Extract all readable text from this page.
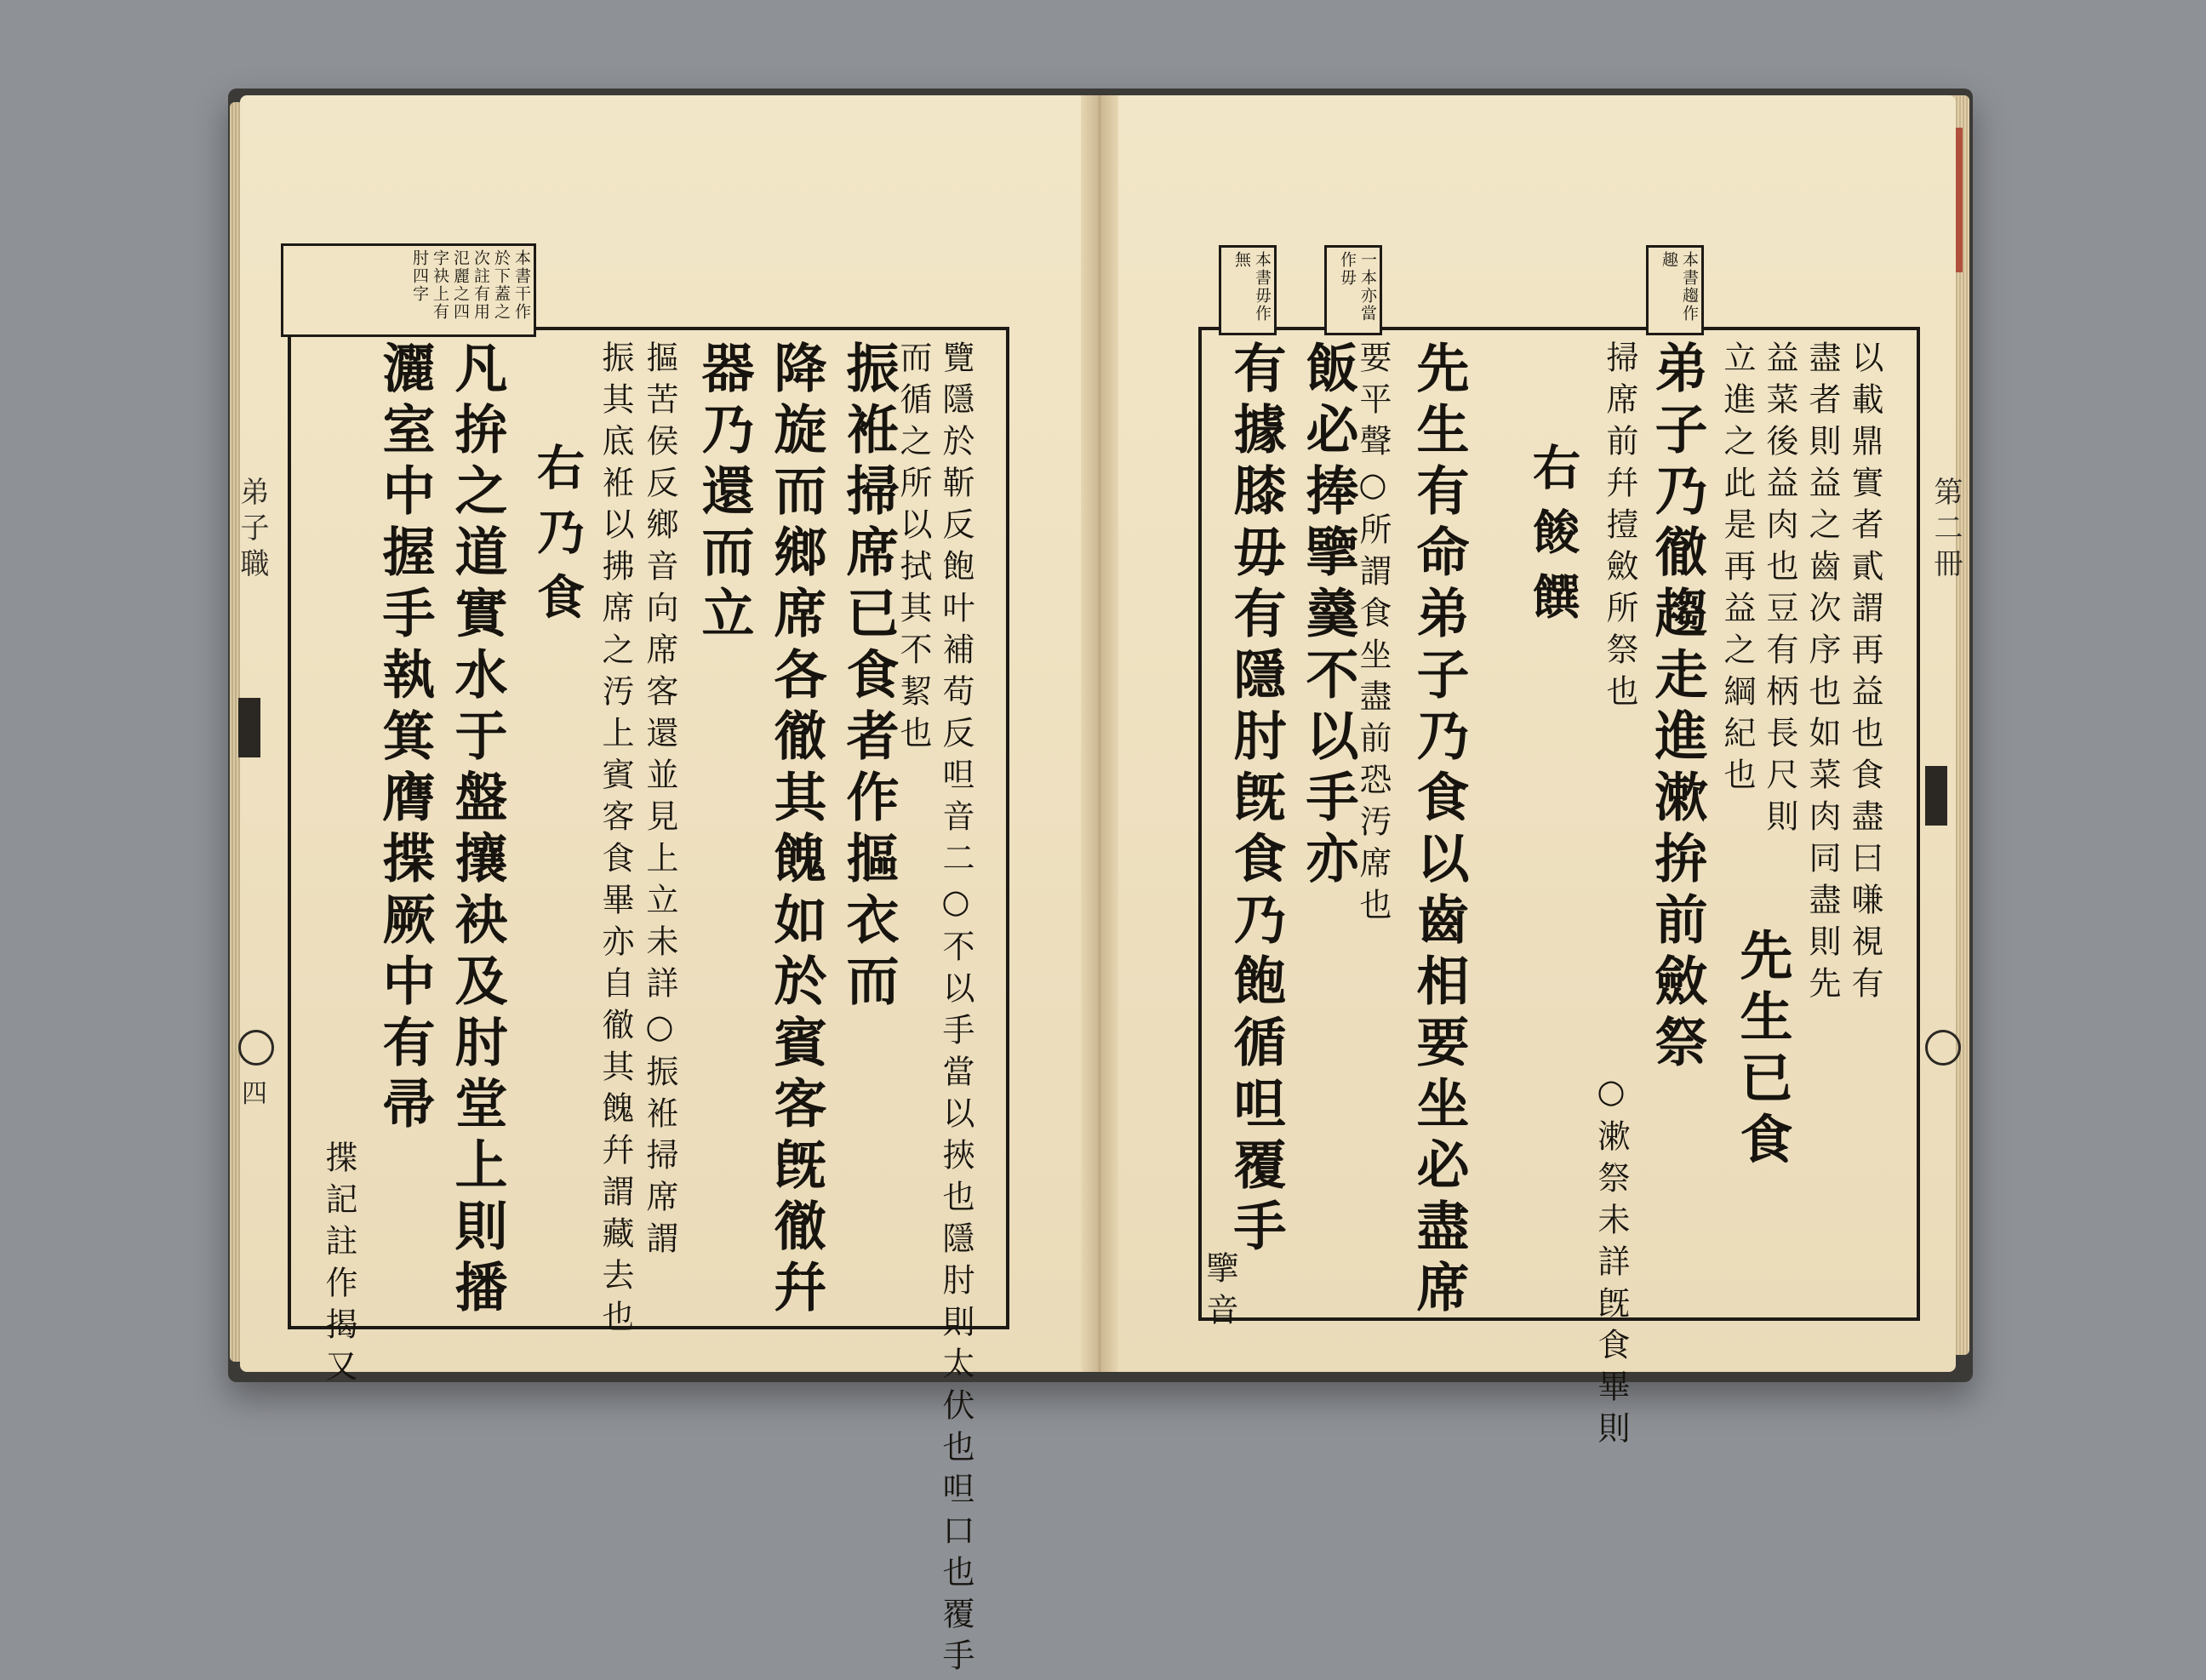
本書干作於下蓋之次註有用氾麗之四字袂上有肘四字	本書毋作無	一本亦當作毋	本書趨作趣
弟子職
四
第二冊
覽隱於靳反飽叶補苟反呾音二○不以手當以挾也隱肘則太伏也呾口也覆手
而循之所以拭其不絜也
振袵掃席已食者作摳衣而
降旋而鄉席各徹其餽如於賓客旣徹幷
器乃還而立
摳苦侯反鄉音向席客還並見上立未詳○振袵掃席謂
振其底袵以拂席之汚上賓客食畢亦自徹其餽幷謂藏去也
右乃食
凡拚之道實水于盤攘袂及肘堂上則播
灑室中握手執箕膺揲厥中有帚
揲記註作揭又
以載鼎實者貳謂再益也食盡曰嗛視有
盡者則益之齒次序也如菜肉同盡則先
益菜後益肉也豆有柄長尺則
立進之此是再益之綱紀也
先生已食
弟子乃徹趨走進漱拚前斂祭
○漱祭未詳旣食畢則
掃席前幷撎斂所祭也
右餕饌
先生有命弟子乃食以齒相要坐必盡席
要平聲○所謂食坐盡前恐汚席也
飯必捧擥羹不以手亦
有據膝毋有隱肘旣食乃飽循呾覆手
擥音
